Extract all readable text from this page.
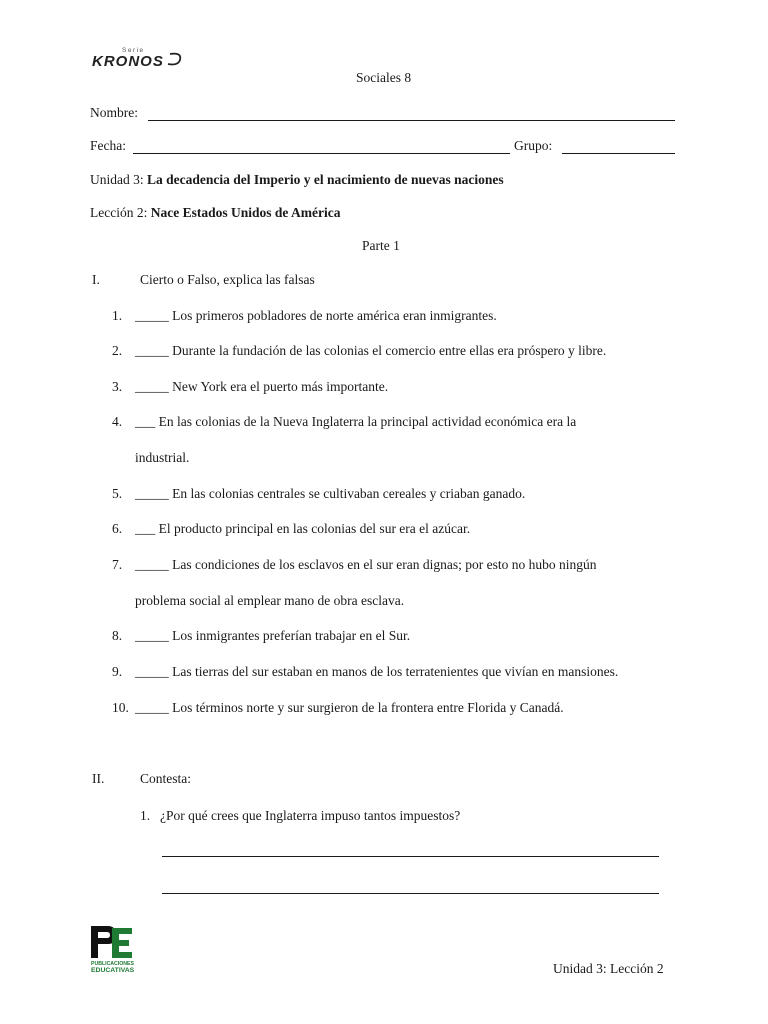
Serie
KRONOS
Sociales 8
Nombre:
Fecha:	Grupo:
Unidad 3: La decadencia del Imperio y el nacimiento de nuevas naciones
Lección 2: Nace Estados Unidos de América
Parte 1
I.	Cierto o Falso, explica las falsas
1. _____ Los primeros pobladores de norte américa eran inmigrantes.
2. _____ Durante la fundación de las colonias el comercio entre ellas era próspero y libre.
3. _____ New York era el puerto más importante.
4. ___ En las colonias de la Nueva Inglaterra la principal actividad económica era la
industrial.
5. _____ En las colonias centrales se cultivaban cereales y criaban ganado.
6. ___ El producto principal en las colonias del sur era el azúcar.
7. _____ Las condiciones de los esclavos en el sur eran dignas; por esto no hubo ningún
problema social al emplear mano de obra esclava.
8. _____ Los inmigrantes preferían trabajar en el Sur.
9. _____ Las tierras del sur estaban en manos de los terratenientes que vivían en mansiones.
10. _____ Los términos norte y sur surgieron de la frontera entre Florida y Canadá.
II.	Contesta:
1. ¿Por qué crees que Inglaterra impuso tantos impuestos?
PUBLICACIONES
EDUCATIVAS	Unidad 3: Lección 2
